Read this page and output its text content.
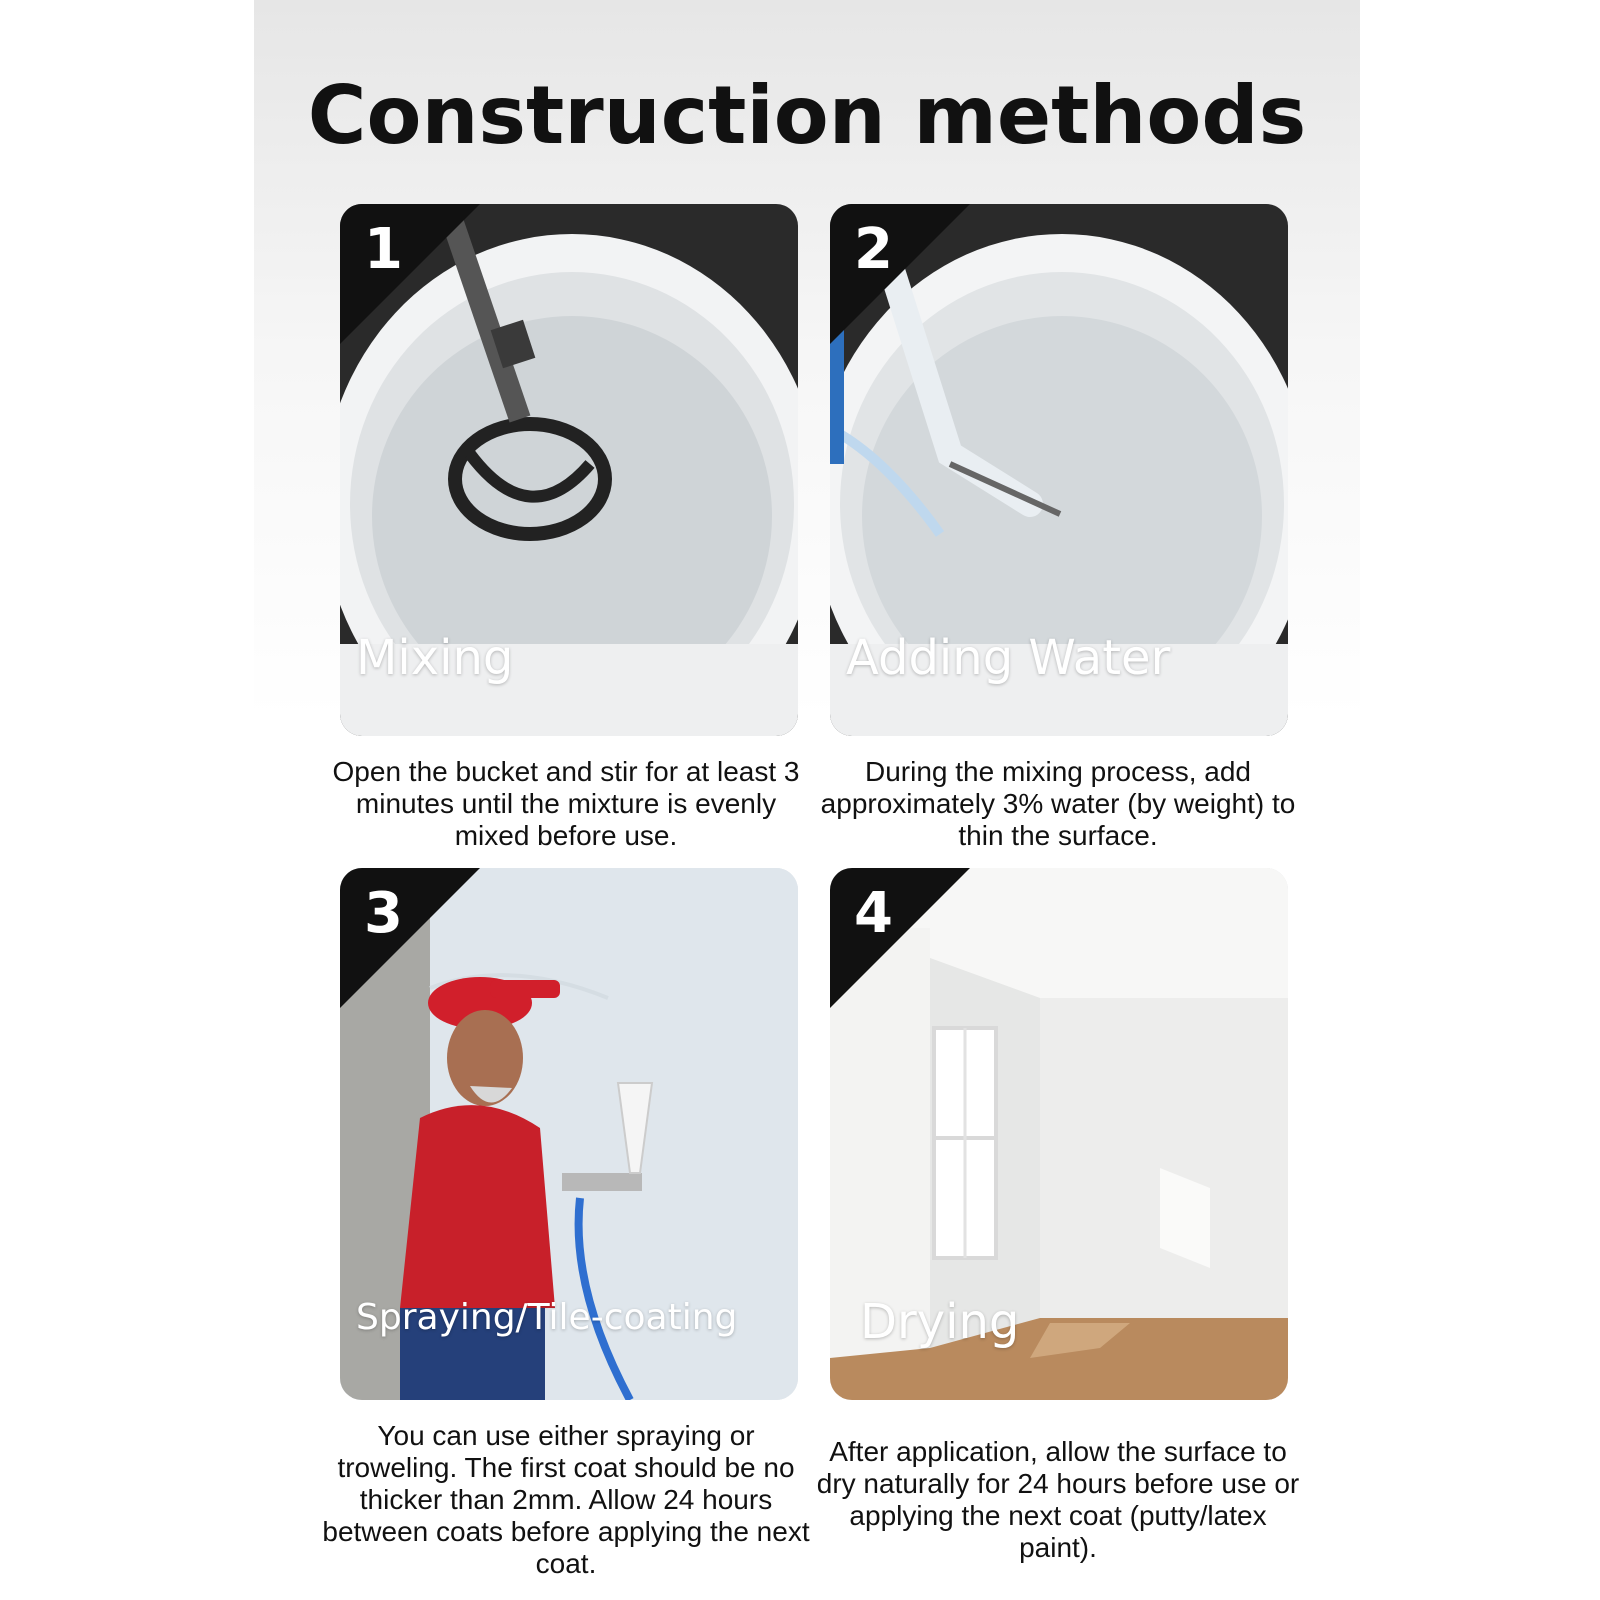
Construction methods
1
Mixing
Open the bucket and stir for at least 3 minutes until the mixture is evenly mixed before use.
2
Adding Water
During the mixing process, add approximately 3% water (by weight) to thin the surface.
3
Spraying/Tile-coating
You can use either spraying or troweling. The first coat should be no thicker than 2mm. Allow 24 hours between coats before applying the next coat.
4
Drying
After application, allow the surface to dry naturally for 24 hours before use or applying the next coat (putty/latex paint).
